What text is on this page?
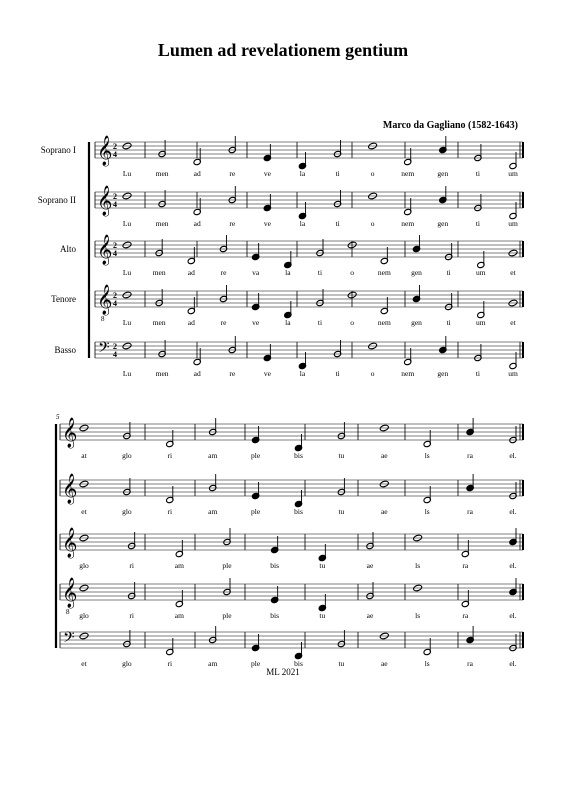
Lumen ad revelationem gentium
Marco da Gagliano (1582-1643)
𝄞 2
4
Soprano I
Lu	men	ad	re	ve	la	ti	o	nem	gen	ti	um
𝄞 2
4
Soprano II
Lu	men	ad	re	ve	la	ti	o	nem	gen	ti	um
𝄞 2
4
Alto
Lu	men	ad	re	va	la	ti	o	nem	gen	ti	um	et
𝄞
8
2
4
Tenore
Lu	men	ad	re	ve	la	ti	o	nem	gen	ti	um	et
𝄢 2
4
Basso
Lu	men	ad	re	ve	la	ti	o	nem	gen	ti	um
5
𝄞
at	glo	ri	am	ple	bis	tu	ae	ls	ra	el.
𝄞
et	glo	ri	am	ple	bis	tu	ae	ls	ra	el.
𝄞
glo	ri	am	ple	bis	tu	ae	ls	ra	el.
𝄞
8 glo	ri	am	ple	bis	tu	ae	ls	ra	el.
𝄢
et	glo	ri	am	ple	bis	tu	ae	ls	ra	el.
ML 2021
